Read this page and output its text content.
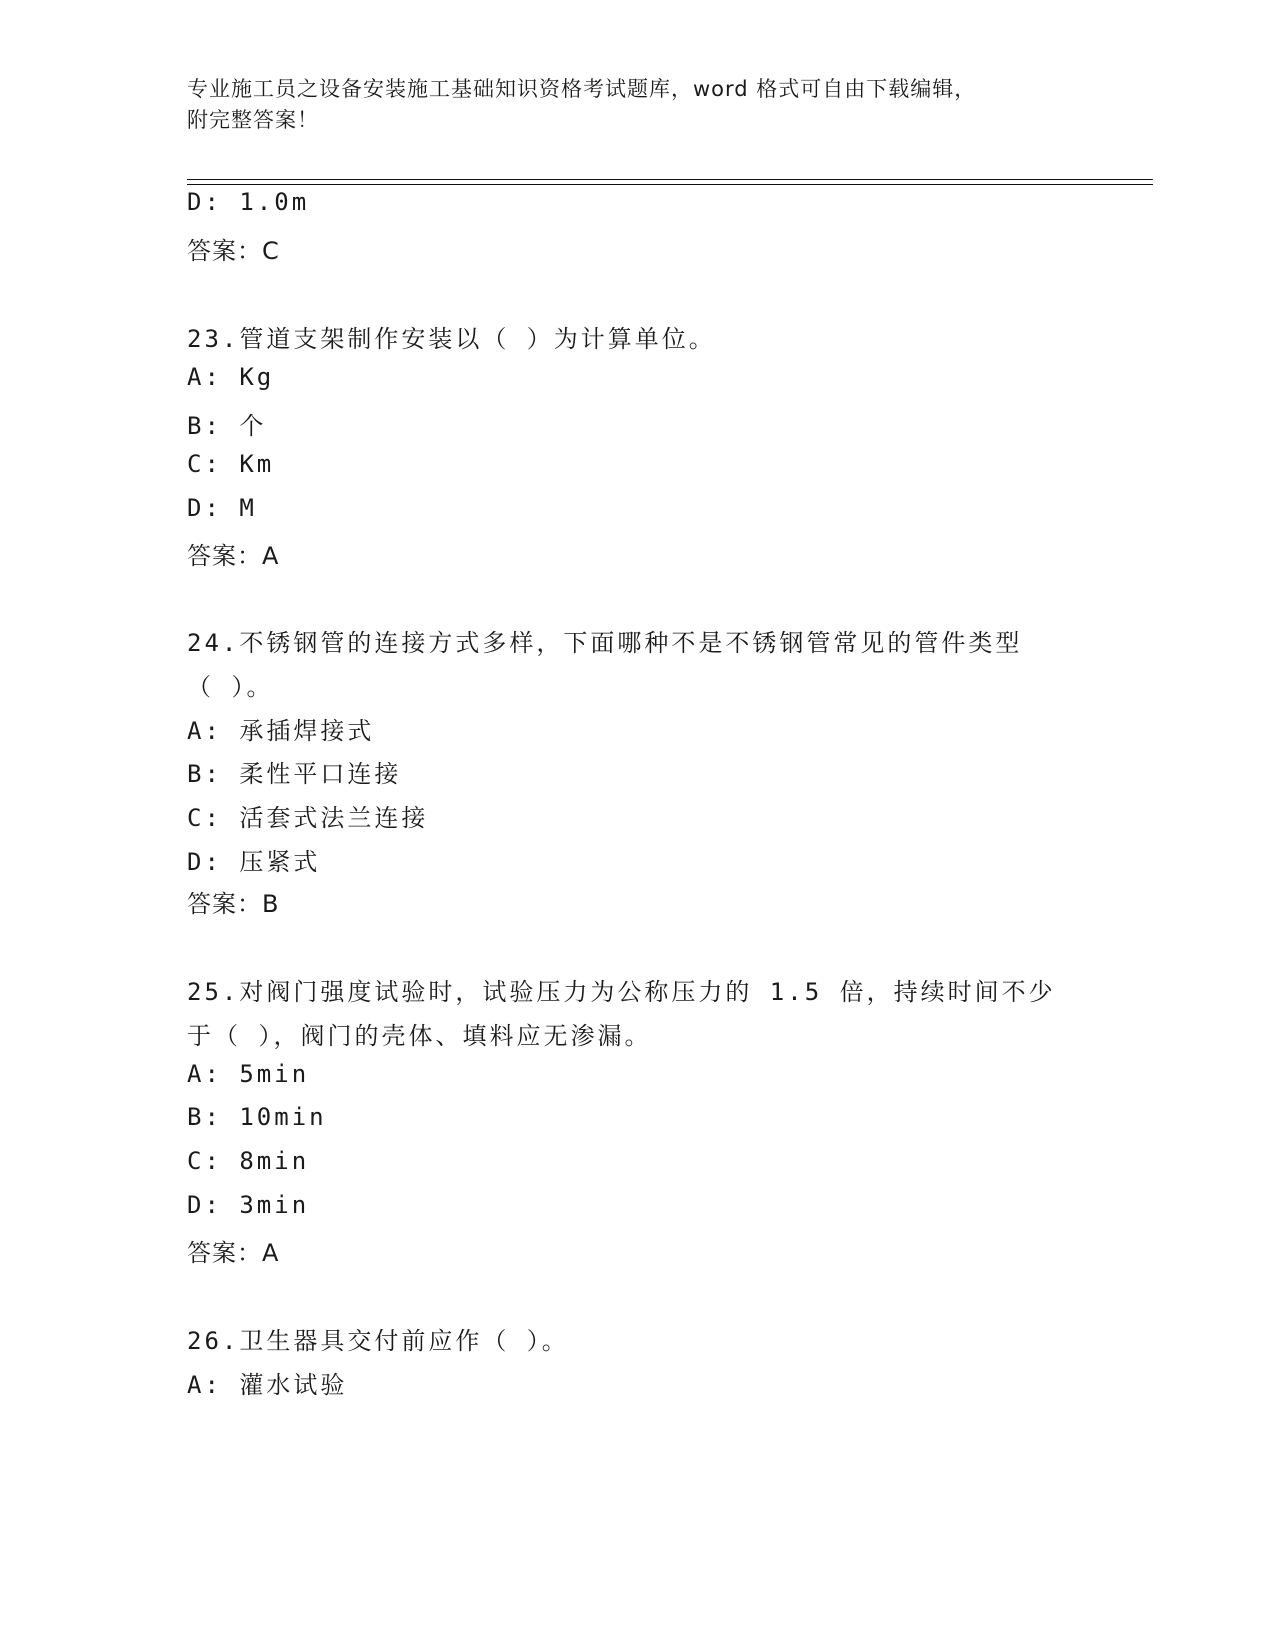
专业施工员之设备安装施工基础知识资格考试题库，word 格式可自由下载编辑，
附完整答案！
D: 1.0m
答案：C
23.管道支架制作安装以（ ）为计算单位。
A: Kg
B: 个
C: Km
D: M
答案：A
24.不锈钢管的连接方式多样，下面哪种不是不锈钢管常见的管件类型
（ ）。
A: 承插焊接式
B: 柔性平口连接
C: 活套式法兰连接
D: 压紧式
答案：B
25.对阀门强度试验时，试验压力为公称压力的 1.5 倍，持续时间不少
于（ ），阀门的壳体、填料应无渗漏。
A: 5min
B: 10min
C: 8min
D: 3min
答案：A
26.卫生器具交付前应作（ ）。
A: 灌水试验
